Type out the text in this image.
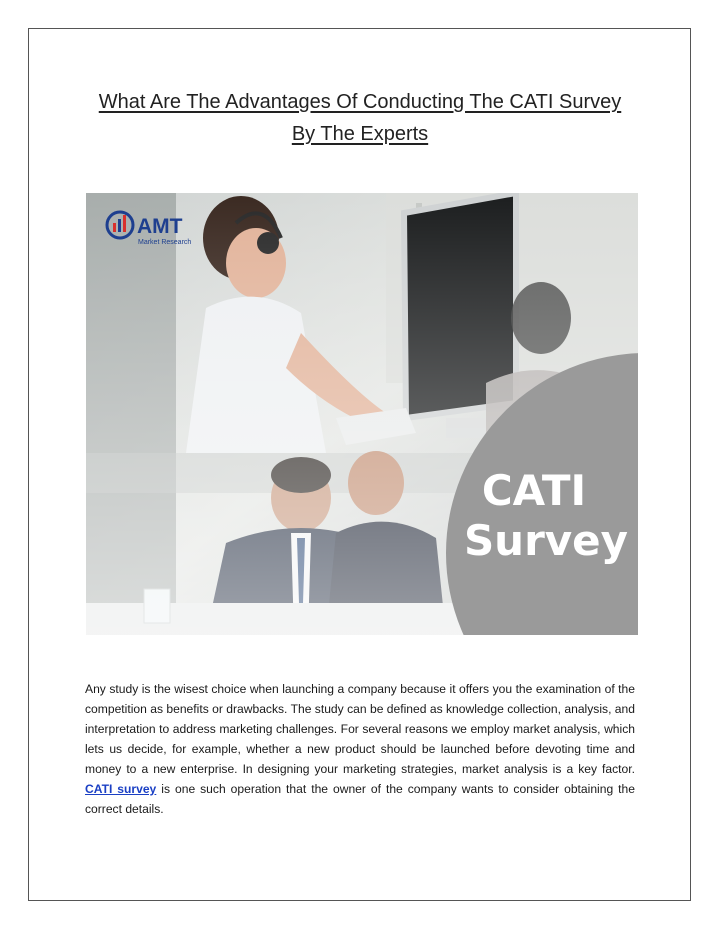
What Are The Advantages Of Conducting The CATI Survey
By The Experts
CATI
Survey
AMT
Market Research
Any study is the wisest choice when launching a company because it offers you the examination of the competition as benefits or drawbacks. The study can be defined as knowledge collection, analysis, and interpretation to address marketing challenges. For several reasons we employ market analysis, which lets us decide, for example, whether a new product should be launched before devoting time and money to a new enterprise. In designing your marketing strategies, market analysis is a key factor. CATI survey is one such operation that the owner of the company wants to consider obtaining the correct details.
